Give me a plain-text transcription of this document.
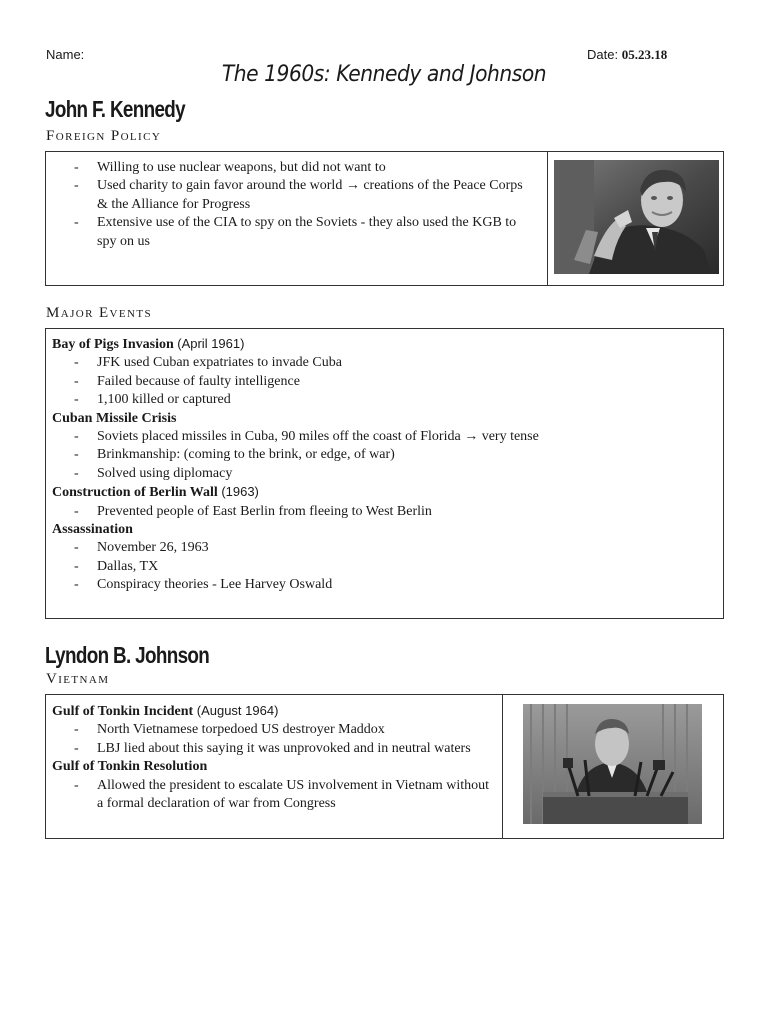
Name:	Date: 05.23.18
The 1960s: Kennedy and Johnson
John F. Kennedy
Foreign Policy
- Willing to use nuclear weapons, but did not want to
- Used charity to gain favor around the world → creations of the Peace Corps & the Alliance for Progress
- Extensive use of the CIA to spy on the Soviets - they also used the KGB to spy on us
Major Events
Bay of Pigs Invasion (April 1961)
- JFK used Cuban expatriates to invade Cuba
- Failed because of faulty intelligence
- 1,100 killed or captured
Cuban Missile Crisis
- Soviets placed missiles in Cuba, 90 miles off the coast of Florida → very tense
- Brinkmanship: (coming to the brink, or edge, of war)
- Solved using diplomacy
Construction of Berlin Wall (1963)
- Prevented people of East Berlin from fleeing to West Berlin
Assassination
- November 26, 1963
- Dallas, TX
- Conspiracy theories - Lee Harvey Oswald
Lyndon B. Johnson
Vietnam
Gulf of Tonkin Incident (August 1964)
- North Vietnamese torpedoed US destroyer Maddox
- LBJ lied about this saying it was unprovoked and in neutral waters
Gulf of Tonkin Resolution
- Allowed the president to escalate US involvement in Vietnam without a formal declaration of war from Congress
